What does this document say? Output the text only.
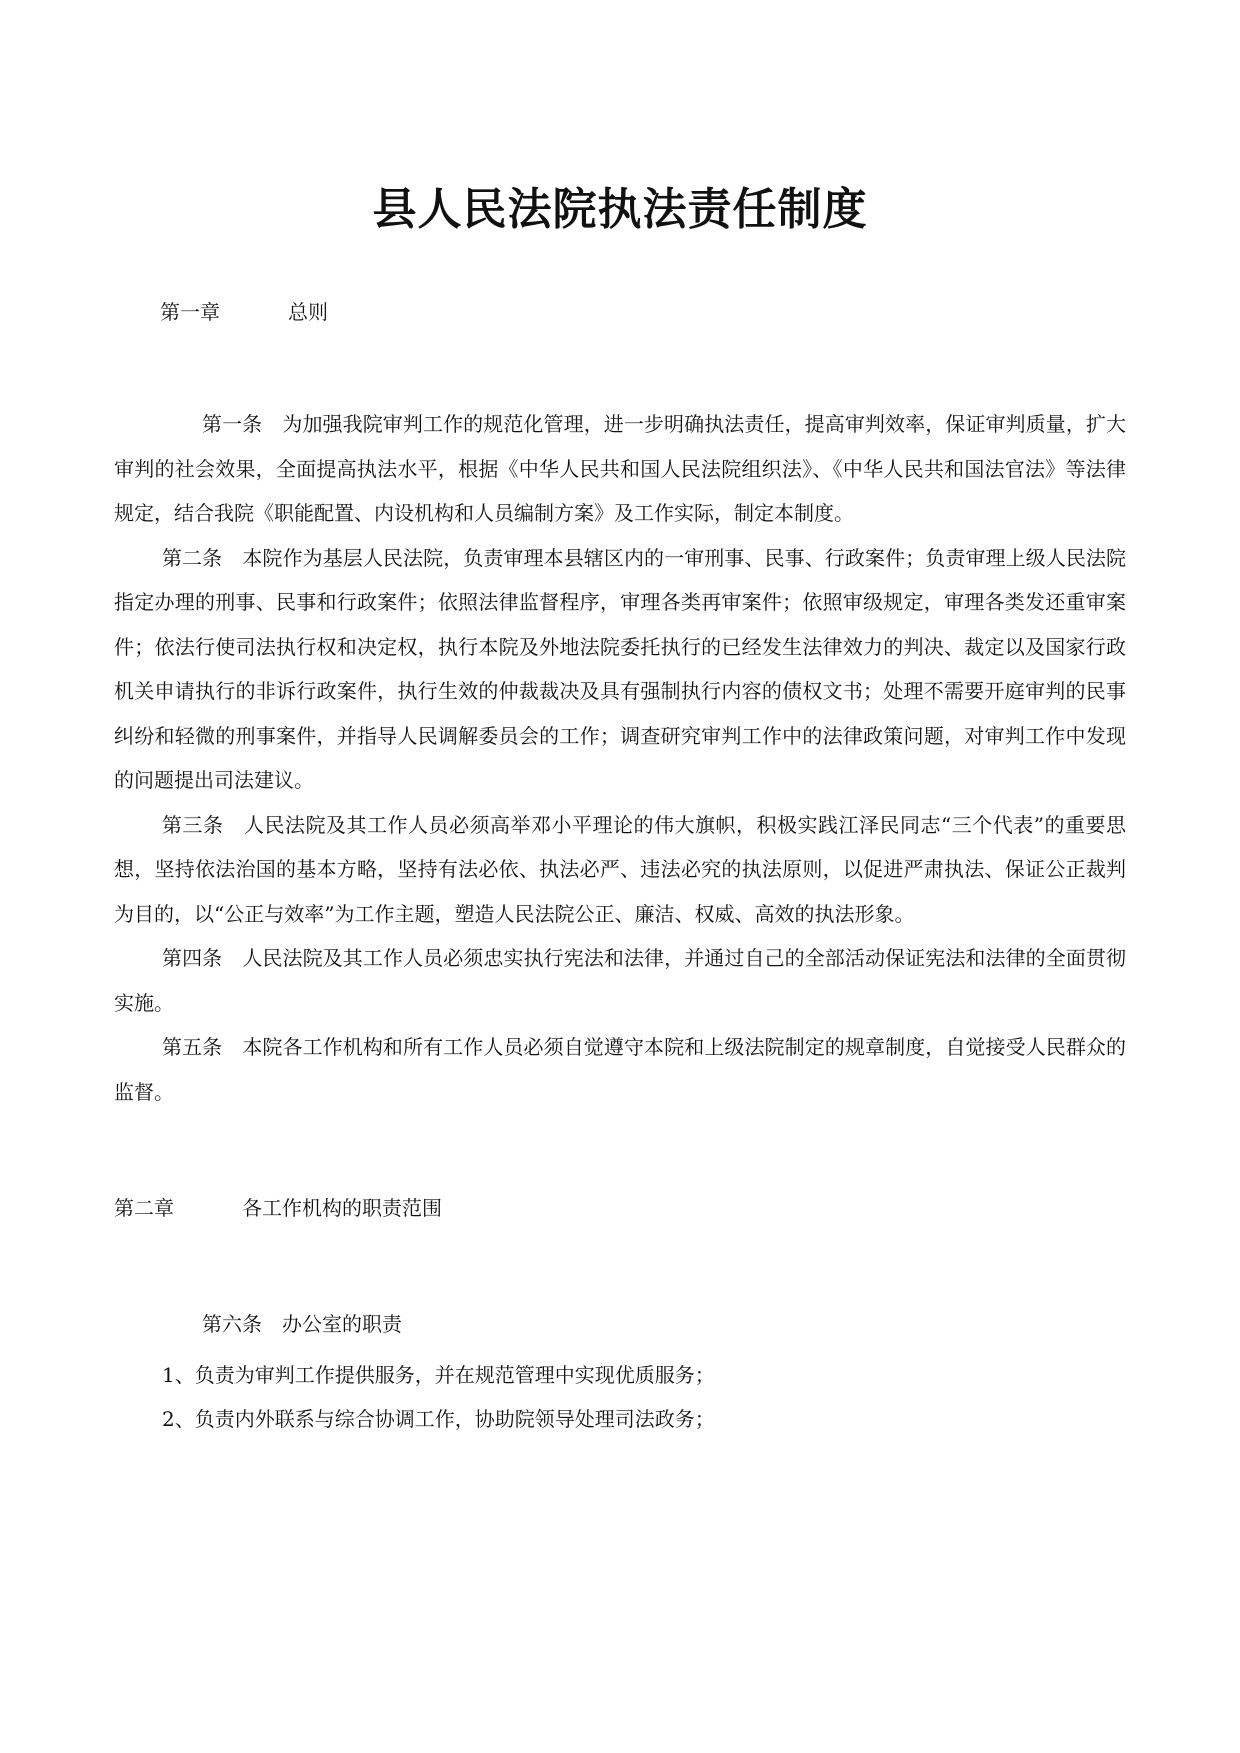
县人民法院执法责任制度
第一章	总则

第一条　为加强我院审判工作的规范化管理，进一步明确执法责任，提高审判效率，保证审判质量，扩大审判的社会效果，全面提高执法水平，根据《中华人民共和国人民法院组织法》、《中华人民共和国法官法》等法律规定，结合我院《职能配置、内设机构和人员编制方案》及工作实际，制定本制度。

第二条　本院作为基层人民法院，负责审理本县辖区内的一审刑事、民事、行政案件；负责审理上级人民法院指定办理的刑事、民事和行政案件；依照法律监督程序，审理各类再审案件；依照审级规定，审理各类发还重审案件；依法行使司法执行权和决定权，执行本院及外地法院委托执行的已经发生法律效力的判决、裁定以及国家行政机关申请执行的非诉行政案件，执行生效的仲裁裁决及具有强制执行内容的债权文书；处理不需要开庭审判的民事纠纷和轻微的刑事案件，并指导人民调解委员会的工作；调查研究审判工作中的法律政策问题，对审判工作中发现的问题提出司法建议。

第三条　人民法院及其工作人员必须高举邓小平理论的伟大旗帜，积极实践江泽民同志“三个代表”的重要思想，坚持依法治国的基本方略，坚持有法必依、执法必严、违法必究的执法原则，以促进严肃执法、保证公正裁判为目的，以“公正与效率”为工作主题，塑造人民法院公正、廉洁、权威、高效的执法形象。

第四条　人民法院及其工作人员必须忠实执行宪法和法律，并通过自己的全部活动保证宪法和法律的全面贯彻实施。

第五条　本院各工作机构和所有工作人员必须自觉遵守本院和上级法院制定的规章制度，自觉接受人民群众的监督。

第二章	各工作机构的职责范围

第六条　办公室的职责

1、负责为审判工作提供服务，并在规范管理中实现优质服务；

2、负责内外联系与综合协调工作，协助院领导处理司法政务；
